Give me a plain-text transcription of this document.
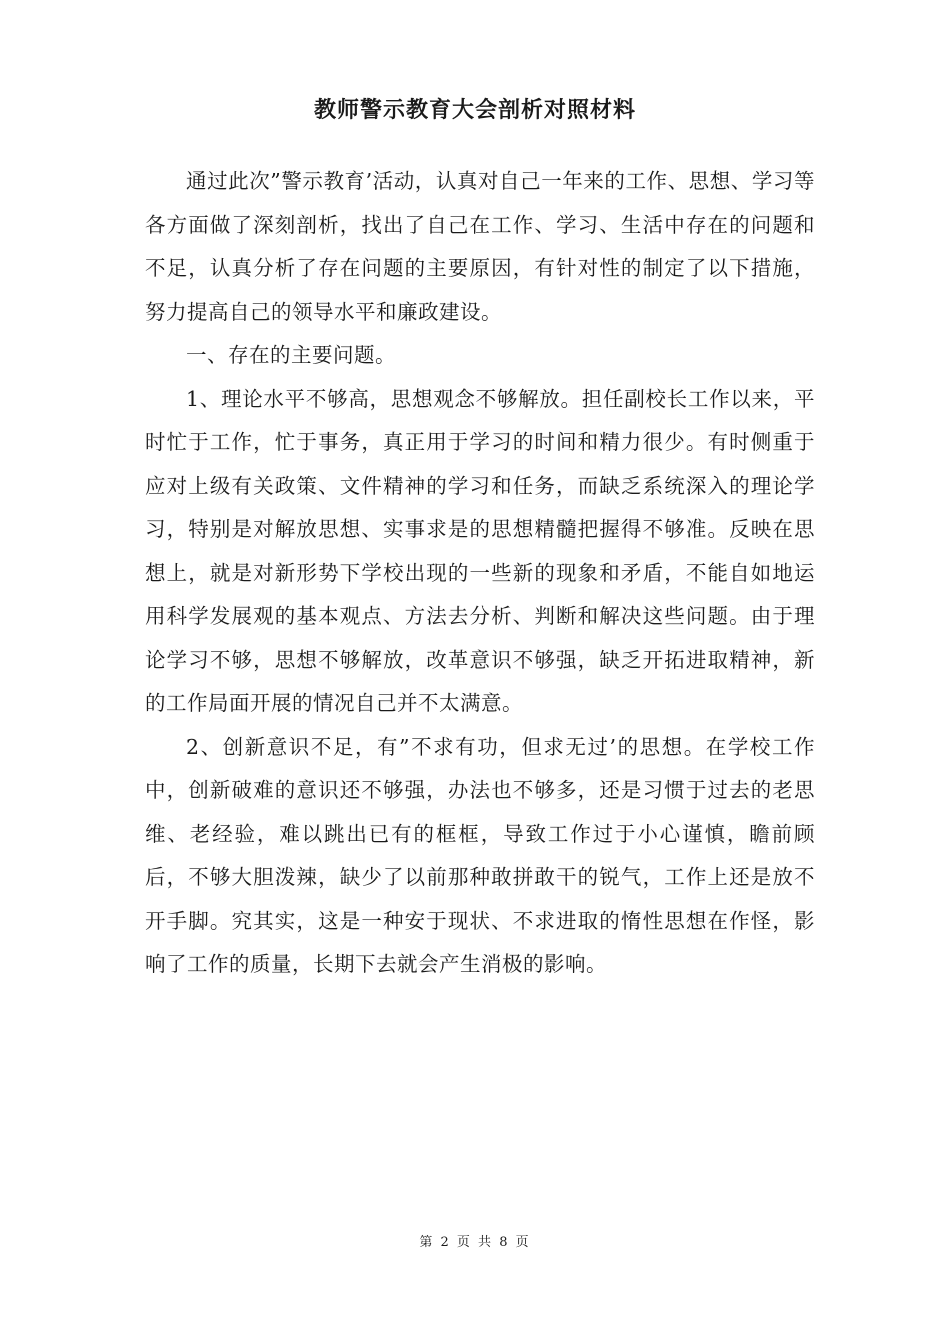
教师警示教育大会剖析对照材料

通过此次”警示教育’活动，认真对自己一年来的工作、思想、学习等各方面做了深刻剖析，找出了自己在工作、学习、生活中存在的问题和不足，认真分析了存在问题的主要原因，有针对性的制定了以下措施，努力提高自己的领导水平和廉政建设。

一、存在的主要问题。

1、理论水平不够高，思想观念不够解放。担任副校长工作以来，平时忙于工作，忙于事务，真正用于学习的时间和精力很少。有时侧重于应对上级有关政策、文件精神的学习和任务，而缺乏系统深入的理论学习，特别是对解放思想、实事求是的思想精髓把握得不够准。反映在思想上，就是对新形势下学校出现的一些新的现象和矛盾，不能自如地运用科学发展观的基本观点、方法去分析、判断和解决这些问题。由于理论学习不够，思想不够解放，改革意识不够强，缺乏开拓进取精神，新的工作局面开展的情况自己并不太满意。

2、创新意识不足，有”不求有功，但求无过’的思想。在学校工作中，创新破难的意识还不够强，办法也不够多，还是习惯于过去的老思维、老经验，难以跳出已有的框框，导致工作过于小心谨慎，瞻前顾后，不够大胆泼辣，缺少了以前那种敢拼敢干的锐气，工作上还是放不开手脚。究其实，这是一种安于现状、不求进取的惰性思想在作怪，影响了工作的质量，长期下去就会产生消极的影响。

第 2 页 共 8 页
